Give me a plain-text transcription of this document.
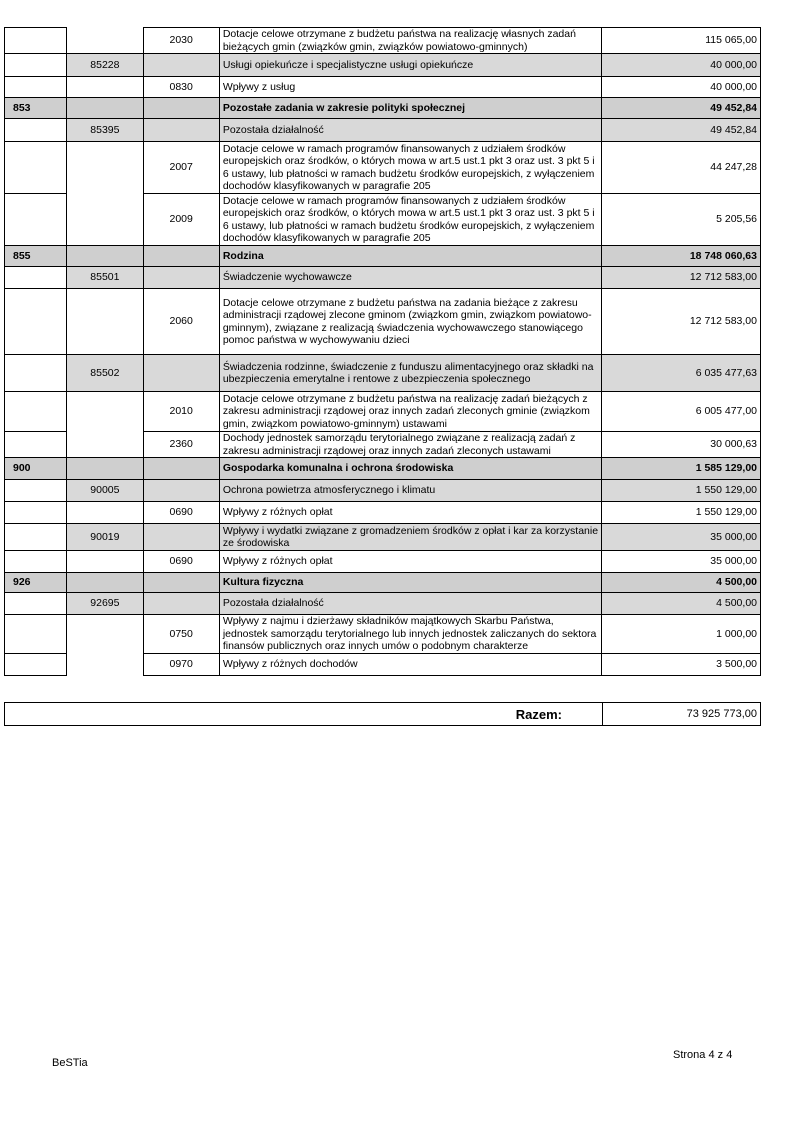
		2030	Dotacje celowe otrzymane z budżetu państwa na realizację własnych zadań bieżących gmin (związków gmin, związków powiatowo-gminnych)	115 065,00
	85228		Usługi opiekuńcze i specjalistyczne usługi opiekuńcze	40 000,00
		0830	Wpływy z usług	40 000,00
853			Pozostałe zadania w zakresie polityki społecznej	49 452,84
	85395		Pozostała działalność	49 452,84
		2007	Dotacje celowe w ramach programów finansowanych z udziałem środków europejskich oraz środków, o których mowa w art.5 ust.1 pkt 3 oraz ust. 3 pkt 5 i 6 ustawy, lub płatności w ramach budżetu środków europejskich, z wyłączeniem dochodów klasyfikowanych w paragrafie 205	44 247,28
		2009	Dotacje celowe w ramach programów finansowanych z udziałem środków europejskich oraz środków, o których mowa w art.5 ust.1 pkt 3 oraz ust. 3 pkt 5 i 6 ustawy, lub płatności w ramach budżetu środków europejskich, z wyłączeniem dochodów klasyfikowanych w paragrafie 205	5 205,56
855			Rodzina	18 748 060,63
	85501		Świadczenie wychowawcze	12 712 583,00
		2060	Dotacje celowe otrzymane z budżetu państwa na zadania bieżące z zakresu administracji rządowej zlecone gminom (związkom gmin, związkom powiatowo-gminnym), związane z realizacją świadczenia wychowawczego stanowiącego pomoc państwa w wychowywaniu dzieci	12 712 583,00
	85502		Świadczenia rodzinne, świadczenie z funduszu alimentacyjnego oraz składki na ubezpieczenia emerytalne i rentowe z ubezpieczenia społecznego	6 035 477,63
		2010	Dotacje celowe otrzymane z budżetu państwa na realizację zadań bieżących z zakresu administracji rządowej oraz innych zadań zleconych gminie (związkom gmin, związkom powiatowo-gminnym) ustawami	6 005 477,00
		2360	Dochody jednostek samorządu terytorialnego związane z realizacją zadań z zakresu administracji rządowej oraz innych zadań zleconych ustawami	30 000,63
900			Gospodarka komunalna i ochrona środowiska	1 585 129,00
	90005		Ochrona powietrza atmosferycznego i klimatu	1 550 129,00
		0690	Wpływy z różnych opłat	1 550 129,00
	90019		Wpływy i wydatki związane z gromadzeniem środków z opłat i kar za korzystanie ze środowiska	35 000,00
		0690	Wpływy z różnych opłat	35 000,00
926			Kultura fizyczna	4 500,00
	92695		Pozostała działalność	4 500,00
		0750	Wpływy z najmu i dzierżawy składników majątkowych Skarbu Państwa, jednostek samorządu terytorialnego lub innych jednostek zaliczanych do sektora finansów publicznych oraz innych umów o podobnym charakterze	1 000,00
		0970	Wpływy z różnych dochodów	3 500,00
Razem:	73 925 773,00
BeSTia
Strona 4 z 4
